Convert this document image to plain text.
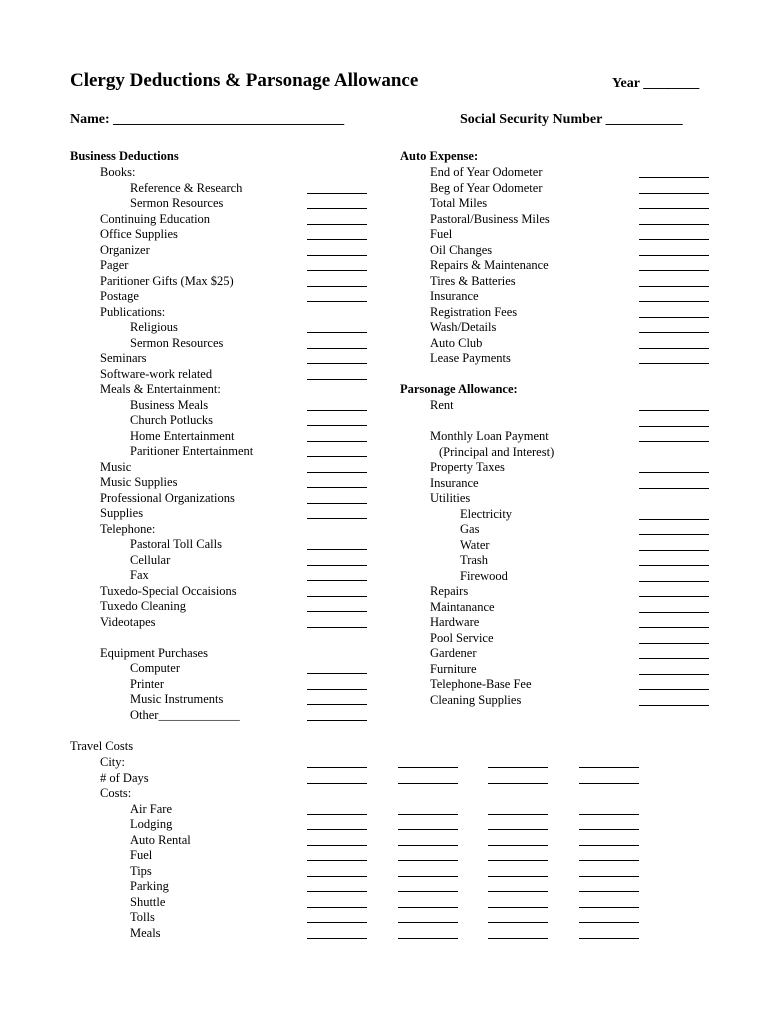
Clergy Deductions & Parsonage Allowance	Year ________
Name: _________________________________	Social Security Number ___________
Business Deductions
Books:
Reference & Research
Sermon Resources
Continuing Education
Office Supplies
Organizer
Pager
Paritioner Gifts (Max $25)
Postage
Publications:
Religious
Sermon Resources
Seminars
Software-work related
Meals & Entertainment:
Business Meals
Church Potlucks
Home Entertainment
Paritioner Entertainment
Music
Music Supplies
Professional Organizations
Supplies
Telephone:
Pastoral Toll Calls
Cellular
Fax
Tuxedo-Special Occaisions
Tuxedo Cleaning
Videotapes
Equipment Purchases
Computer
Printer
Music Instruments
Other_____________
Auto Expense:
End of Year Odometer
Beg of Year Odometer
Total Miles
Pastoral/Business Miles
Fuel
Oil Changes
Repairs & Maintenance
Tires & Batteries
Insurance
Registration Fees
Wash/Details
Auto Club
Lease Payments
Parsonage Allowance:
Rent
Monthly Loan Payment
(Principal and Interest)
Property Taxes
Insurance
Utilities
Electricity
Gas
Water
Trash
Firewood
Repairs
Maintanance
Hardware
Pool Service
Gardener
Furniture
Telephone-Base Fee
Cleaning Supplies
Travel Costs
City:
# of Days
Costs:
Air Fare
Lodging
Auto Rental
Fuel
Tips
Parking
Shuttle
Tolls
Meals
